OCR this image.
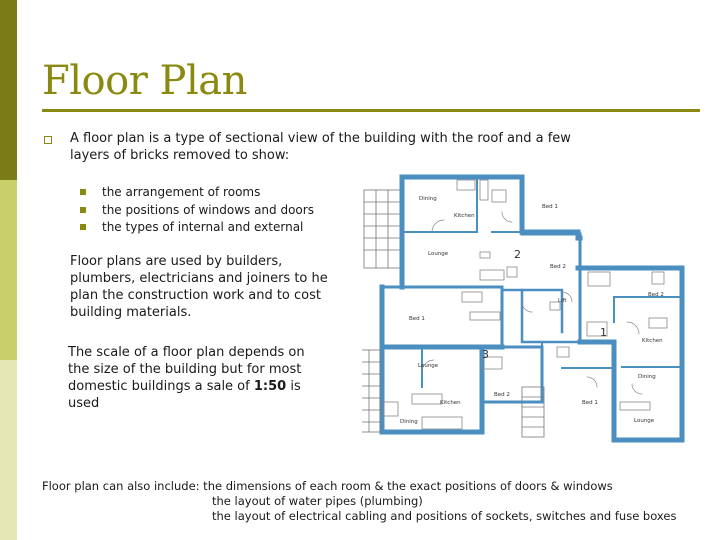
Floor Plan
A floor plan is a type of sectional view of the building with the roof and a few
layers of bricks removed to show:
the arrangement of rooms
the positions of windows and doors
the types of internal and external
Dining
Kitchen
Bed 1
Lounge	2
Bed 2
Lift
Bed 1
Bed 2
1
Kitchen
Dining
Lounge
Bed 1
3
Lounge
Bed 2
Kitchen
Dining
Floor plans are used by builders,
plumbers, electricians and joiners to he
plan the construction work and to cost
building materials.
The scale of a floor plan depends on
the size of the building but for most
domestic buildings a sale of 1:50 is
used
Floor plan can also include: the dimensions of each room & the exact positions of doors & windows
the layout of water pipes (plumbing)
the layout of electrical cabling and positions of sockets, switches and fuse boxes
